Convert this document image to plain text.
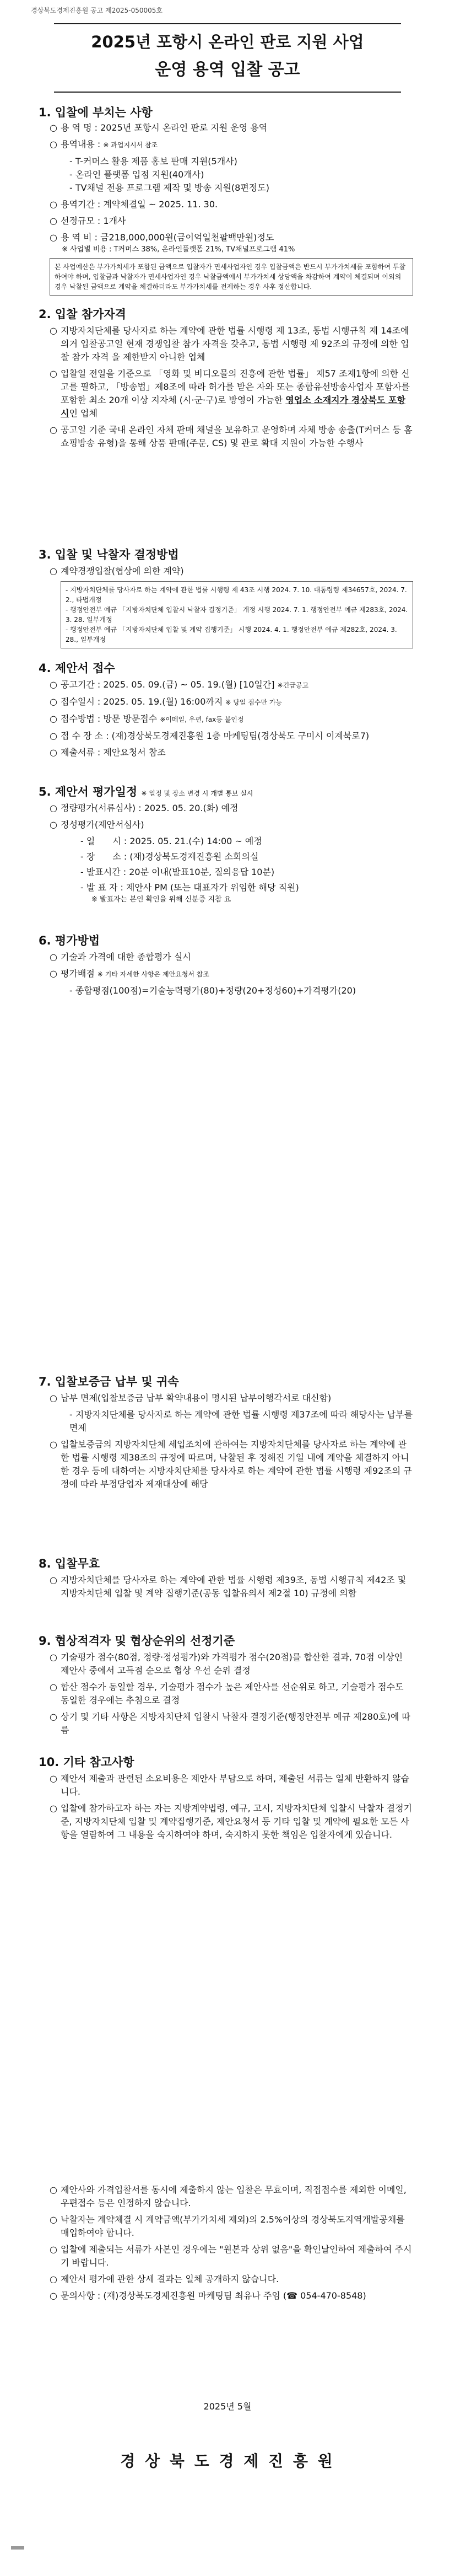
경상북도경제진흥원 공고 제2025-050005호
2025년 포항시 온라인 판로 지원 사업
운영 용역 입찰 공고
1. 입찰에 부치는 사항
○ 용 역 명 : 2025년 포항시 온라인 판로 지원 운영 용역
○ 용역내용 : ※ 과업지시서 참조
- T-커머스 활용 제품 홍보 판매 지원(5개사)
- 온라인 플랫폼 입점 지원(40개사)
- TV채널 전용 프로그램 제작 및 방송 지원(8편정도)
○ 용역기간 : 계약체결일 ~ 2025. 11. 30.
○ 선정규모 : 1개사
○ 용 역 비 : 금218,000,000원(금이억일천팔백만원)정도
※ 사업별 비용 : T커머스 38%, 온라인플랫폼 21%, TV채널프로그램 41%
본 사업예산은 부가가치세가 포함된 금액으로 입찰자가 면세사업자인 경우 입찰금액은 반드시 부가가치세를 포함하여 투찰하여야 하며, 입찰금과 낙찰자가 면세사업자인 경우 낙찰금액에서 부가가치세 상당액을 차감하여 계약이 체결되며 이외의 경우 낙찰된 금액으로 계약을 체결하더라도 부가가치세를 전제하는 경우 사후 정산합니다.
2. 입찰 참가자격
○ 지방자치단체를 당사자로 하는 계약에 관한 법률 시행령 제 13조, 동법 시행규칙 제 14조에 의거 입찰공고일 현재 경쟁입찰 참가 자격을 갖추고, 동법 시행령 제 92조의 규정에 의한 입찰 참가 자격 을 제한받지 아니한 업체
○ 입찰일 전일을 기준으로 「영화 및 비디오물의 진흥에 관한 법률」 제57 조제1항에 의한 신고를 필하고, 「방송법」제8조에 따라 허가를 받은 자와 또는 종합유선방송사업자 포함자를 포함한 최소 20개 이상 지자체 (시·군·구)로 방영이 가능한 영업소 소재지가 경상북도 포항시인 업체
○ 공고일 기준 국내 온라인 자체 판매 채널을 보유하고 운영하며 자체 방송 송출(T커머스 등 홈쇼핑방송 유형)을 통해 상품 판매(주문, CS) 및 관로 확대 지원이 가능한 수행사
3. 입찰 및 낙찰자 결정방법
○ 계약경쟁입찰(협상에 의한 계약)
- 지방자치단체를 당사자로 하는 계약에 관한 법률 시행령 제 43조 시행 2024. 7. 10. 대통령령 제34657호, 2024. 7. 2., 타법개정
- 행정안전부 예규 「지방자치단체 입찰시 낙찰자 결정기준」 개정 시행 2024. 7. 1. 행정안전부 예규 제283호, 2024. 3. 28. 일부개정
- 행정안전부 예규 「지방자치단체 입찰 및 계약 집행기준」 시행 2024. 4. 1. 행정안전부 예규 제282호, 2024. 3. 28., 일부개정
4. 제안서 접수
○ 공고기간 : 2025. 05. 09.(금) ~ 05. 19.(월) [10일간] ※긴급공고
○ 접수일시 : 2025. 05. 19.(월) 16:00까지 ※ 당일 접수만 가능
○ 접수방법 : 방문 방문접수 ※이메일, 우편, fax등 불인정
○ 접 수 장 소 : (재)경상북도경제진흥원 1층 마케팅팀(경상북도 구미시 이계북로7)
○ 제출서류 : 제안요청서 참조
5. 제안서 평가일정 ※ 일정 및 장소 변경 시 개별 통보 실시
○ 정량평가(서류심사) : 2025. 05. 20.(화) 예정
○ 정성평가(제안서심사)
- 일　　시 : 2025. 05. 21.(수) 14:00 ~ 예정
- 장　　소 : (재)경상북도경제진흥원 소회의실
- 발표시간 : 20분 이내(발표10분, 질의응답 10분)
- 발 표 자 : 제안사 PM (또는 대표자가 위임한 해당 직원)
※ 발표자는 본인 확인을 위해 신분증 지참 요
6. 평가방법
○ 기술과 가격에 대한 종합평가 실시
○ 평가배점 ※ 기타 자세한 사항은 제안요청서 참조
- 종합평점(100점)=기술능력평가(80)+정량(20+정성60)+가격평가(20)
7. 입찰보증금 납부 및 귀속
○ 납부 면제(입찰보증금 납부 확약내용이 명시된 납부이행각서로 대신함)
- 지방자치단체를 당사자로 하는 계약에 관한 법률 시행령 제37조에 따라 해당사는 납부를 면제
○ 입찰보증금의 지방자치단체 세입조치에 관하여는 지방자치단체를 당사자로 하는 계약에 관한 법률 시행령 제38조의 규정에 따르며, 낙찰된 후 정해진 기일 내에 계약을 체결하지 아니한 경우 등에 대하여는 지방자치단체를 당사자로 하는 계약에 관한 법률 시행령 제92조의 규정에 따라 부정당업자 제재대상에 해당
8. 입찰무효
○ 지방자치단체를 당사자로 하는 계약에 관한 법률 시행령 제39조, 동법 시행규칙 제42조 및 지방자치단체 입찰 및 계약 집행기준(공동 입찰유의서 제2절 10) 규정에 의함
9. 협상적격자 및 협상순위의 선정기준
○ 기술평가 점수(80점, 정량·정성평가)와 가격평가 점수(20점)를 합산한 결과, 70점 이상인 제안사 중에서 고득점 순으로 협상 우선 순위 결정
○ 합산 점수가 동일할 경우, 기술평가 점수가 높은 제안사를 선순위로 하고, 기술평가 점수도 동일한 경우에는 추첨으로 결정
○ 상기 및 기타 사항은 지방자치단체 입찰시 낙찰자 결정기준(행정안전부 예규 제280호)에 따름
10. 기타 참고사항
○ 제안서 제출과 관련된 소요비용은 제안사 부담으로 하며, 제출된 서류는 일체 반환하지 않습니다.
○ 입찰에 참가하고자 하는 자는 지방계약법령, 예규, 고시, 지방자치단체 입찰시 낙찰자 결정기준, 지방자치단체 입찰 및 계약집행기준, 제안요청서 등 기타 입찰 및 계약에 필요한 모든 사항을 열람하여 그 내용을 숙지하여야 하며, 숙지하지 못한 책임은 입찰자에게 있습니다.
○ 제안사와 가격입찰서를 동시에 제출하지 않는 입찰은 무효이며, 직접접수를 제외한 이메일, 우편접수 등은 인정하지 않습니다.
○ 낙찰자는 계약체결 시 계약금액(부가가치세 제외)의 2.5%이상의 경상북도지역개발공채를 매입하여야 합니다.
○ 입찰에 제출되는 서류가 사본인 경우에는 "원본과 상위 없음"을 확인날인하여 제출하여 주시기 바랍니다.
○ 제안서 평가에 관한 상세 결과는 일체 공개하지 않습니다.
○ 문의사항 : (재)경상북도경제진흥원 마케팅팀 최유나 주임 (☎ 054-470-8548)
2025년 5월
경 상 북 도 경 제 진 흥 원
